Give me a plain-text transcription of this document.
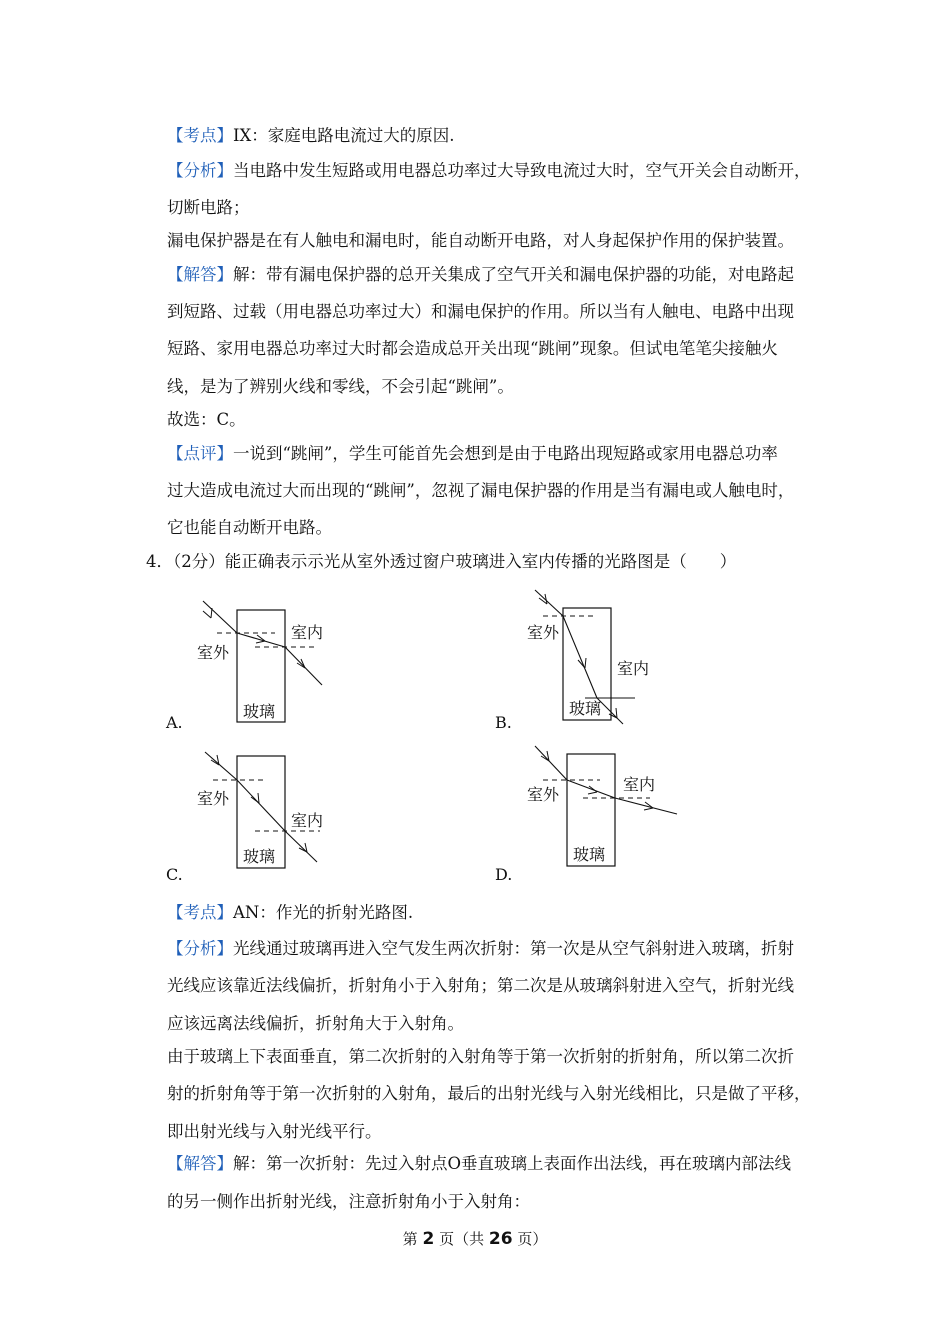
【考点】IX：家庭电路电流过大的原因.
【分析】当电路中发生短路或用电器总功率过大导致电流过大时，空气开关会自动断开，
切断电路；
漏电保护器是在有人触电和漏电时，能自动断开电路，对人身起保护作用的保护装置。
【解答】解：带有漏电保护器的总开关集成了空气开关和漏电保护器的功能，对电路起
到短路、过载（用电器总功率过大）和漏电保护的作用。所以当有人触电、电路中出现
短路、家用电器总功率过大时都会造成总开关出现“跳闸”现象。但试电笔笔尖接触火
线，是为了辨别火线和零线，不会引起“跳闸”。
故选：C。
【点评】一说到“跳闸”，学生可能首先会想到是由于电路出现短路或家用电器总功率
过大造成电流过大而出现的“跳闸”，忽视了漏电保护器的作用是当有漏电或人触电时，
它也能自动断开电路。
4．（2分）能正确表示示光从室外透过窗户玻璃进入室内传播的光路图是（　　）
室外
室内
玻璃
A.
室外
室内
玻璃
B.
室外
室内
玻璃
C.
室外
室内
玻璃
D.
【考点】AN：作光的折射光路图.
【分析】光线通过玻璃再进入空气发生两次折射：第一次是从空气斜射进入玻璃，折射
光线应该靠近法线偏折，折射角小于入射角；第二次是从玻璃斜射进入空气，折射光线
应该远离法线偏折，折射角大于入射角。
由于玻璃上下表面垂直，第二次折射的入射角等于第一次折射的折射角，所以第二次折
射的折射角等于第一次折射的入射角，最后的出射光线与入射光线相比，只是做了平移，
即出射光线与入射光线平行。
【解答】解：第一次折射：先过入射点O垂直玻璃上表面作出法线，再在玻璃内部法线
的另一侧作出折射光线，注意折射角小于入射角：
第 2 页（共 26 页）
